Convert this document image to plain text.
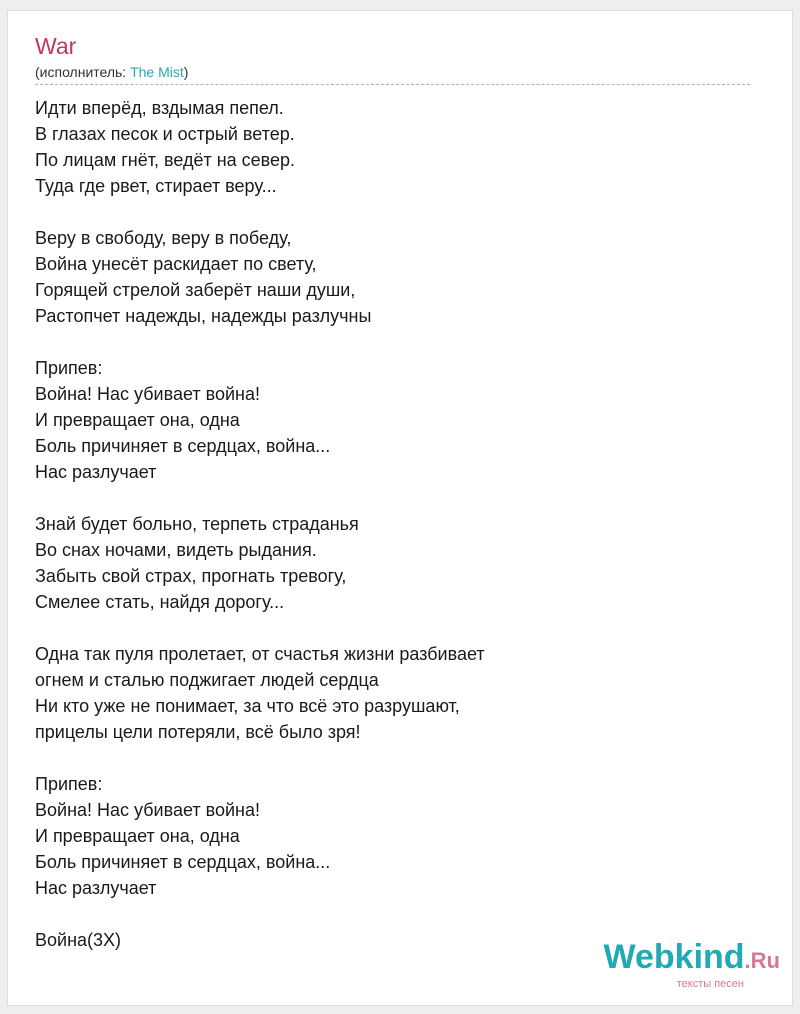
War
(исполнитель: The Mist)
Идти вперёд, вздымая пепел.
В глазах песок и острый ветер.
По лицам гнёт, ведёт на север.
Туда где рвет, стирает веру...
Веру в свободу, веру в победу,
Война унесёт раскидает по свету,
Горящей стрелой заберёт наши души,
Растопчет надежды, надежды разлучны
Припев:
Война! Нас убивает война!
И превращает она, одна
Боль причиняет в сердцах, война...
Нас разлучает
Знай будет больно, терпеть страданья
Во снах ночами, видеть рыдания.
Забыть свой страх, прогнать тревогу,
Смелее стать, найдя дорогу...
Одна так пуля пролетает, от счастья жизни разбивает
огнем и сталью поджигает людей сердца
Ни кто уже не понимает, за что всё это разрушают,
прицелы цели потеряли, всё было зря!
Припев:
Война! Нас убивает война!
И превращает она, одна
Боль причиняет в сердцах, война...
Нас разлучает
Война(3Х)	Webkind.Ru
тексты песен
